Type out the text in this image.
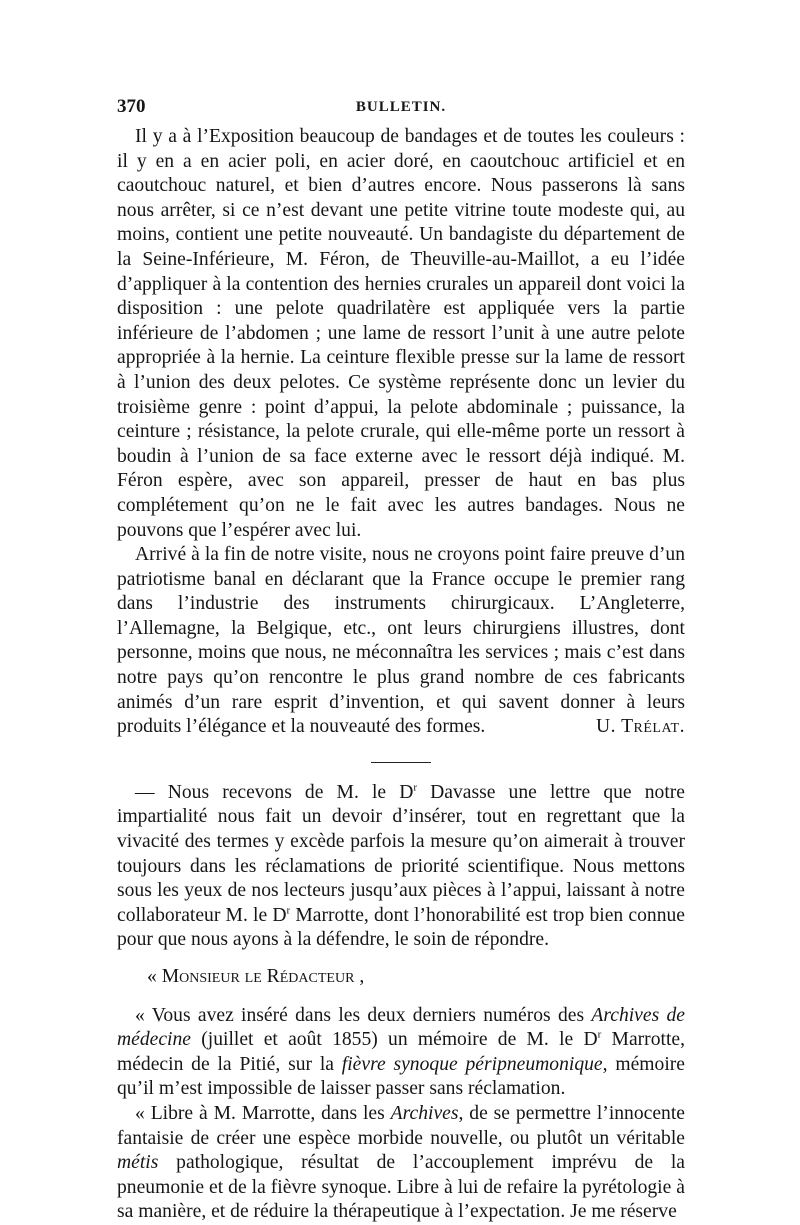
370	BULLETIN.

Il y a à l’Exposition beaucoup de bandages et de toutes les couleurs : il y en a en acier poli, en acier doré, en caoutchouc artificiel et en caoutchouc naturel, et bien d’autres encore. Nous passerons là sans nous arrêter, si ce n’est devant une petite vitrine toute modeste qui, au moins, contient une petite nouveauté. Un bandagiste du département de la Seine-Inférieure, M. Féron, de Theuville-au-Maillot, a eu l’idée d’appliquer à la contention des hernies crurales un appareil dont voici la disposition : une pelote quadrilatère est appliquée vers la partie inférieure de l’abdomen ; une lame de ressort l’unit à une autre pelote appropriée à la hernie. La ceinture flexible presse sur la lame de ressort à l’union des deux pelotes. Ce système représente donc un levier du troisième genre : point d’appui, la pelote abdominale ; puissance, la ceinture ; résistance, la pelote crurale, qui elle-même porte un ressort à boudin à l’union de sa face externe avec le ressort déjà indiqué. M. Féron espère, avec son appareil, presser de haut en bas plus complétement qu’on ne le fait avec les autres bandages. Nous ne pouvons que l’espérer avec lui.

Arrivé à la fin de notre visite, nous ne croyons point faire preuve d’un patriotisme banal en déclarant que la France occupe le premier rang dans l’industrie des instruments chirurgicaux. L’Angleterre, l’Allemagne, la Belgique, etc., ont leurs chirurgiens illustres, dont personne, moins que nous, ne méconnaîtra les services ; mais c’est dans notre pays qu’on rencontre le plus grand nombre de ces fabricants animés d’un rare esprit d’invention, et qui savent donner à leurs produits l’élégance et la nouveauté des formes.	U. Trélat.

— Nous recevons de M. le $D^r$ Davasse une lettre que notre impartialité nous fait un devoir d’insérer, tout en regrettant que la vivacité des termes y excède parfois la mesure qu’on aimerait à trouver toujours dans les réclamations de priorité scientifique. Nous mettons sous les yeux de nos lecteurs jusqu’aux pièces à l’appui, laissant à notre collaborateur M. le $D^r$ Marrotte, dont l’honorabilité est trop bien connue pour que nous ayons à la défendre, le soin de répondre.

« Monsieur le Rédacteur ,

« Vous avez inséré dans les deux derniers numéros des Archives de médecine (juillet et août 1855) un mémoire de M. le $D^r$ Marrotte, médecin de la Pitié, sur la fièvre synoque péripneumonique, mémoire qu’il m’est impossible de laisser passer sans réclamation.

« Libre à M. Marrotte, dans les Archives, de se permettre l’innocente fantaisie de créer une espèce morbide nouvelle, ou plutôt un véritable métis pathologique, résultat de l’accouplement imprévu de la pneumonie et de la fièvre synoque. Libre à lui de refaire la pyrétologie à sa manière, et de réduire la thérapeutique à l’expectation. Je me réserve
